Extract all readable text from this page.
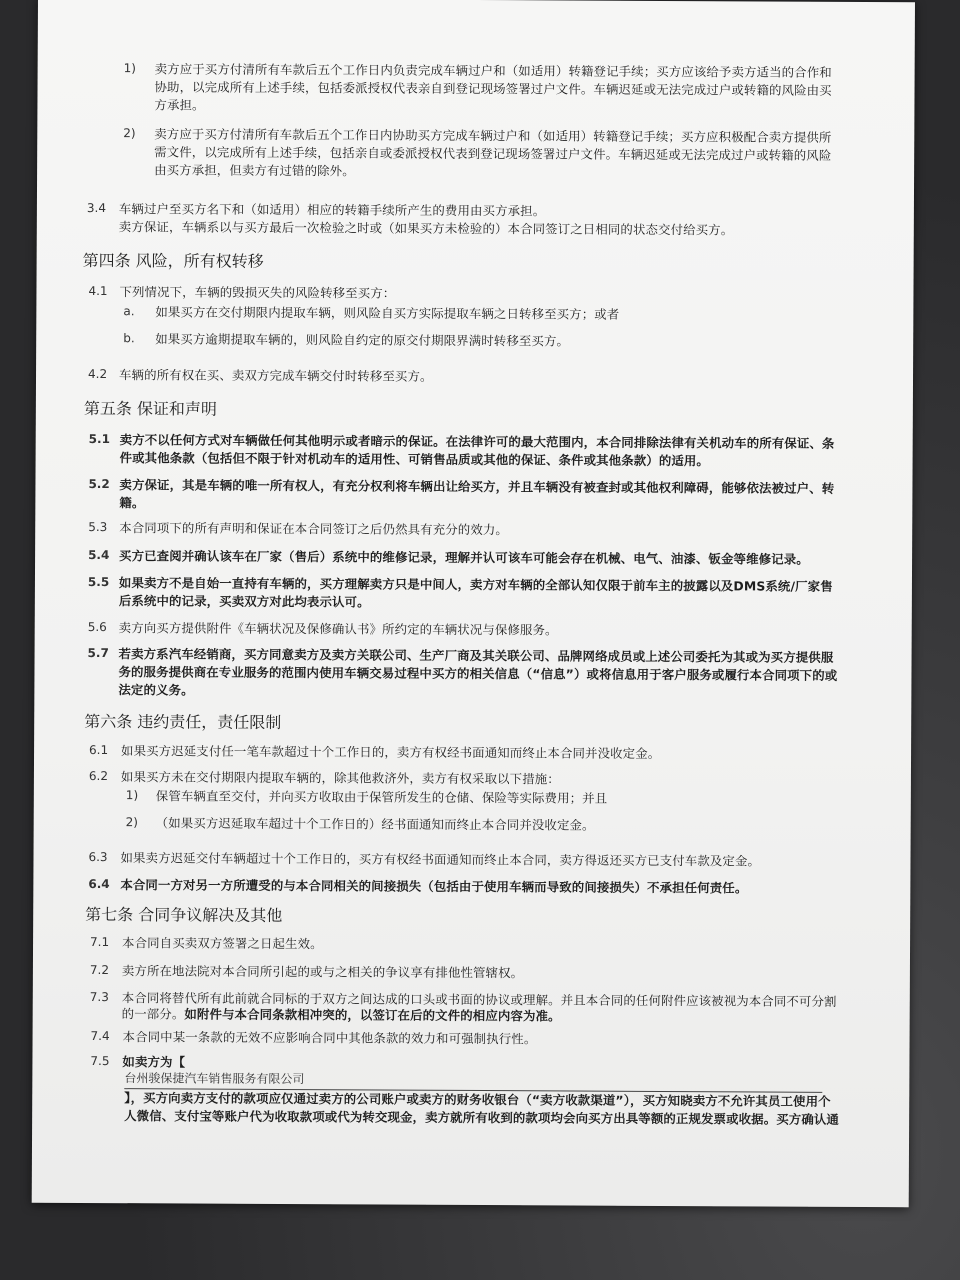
1) 卖方应于买方付清所有车款后五个工作日内负责完成车辆过户和（如适用）转籍登记手续；买方应该给予卖方适当的合作和
协助，以完成所有上述手续，包括委派授权代表亲自到登记现场签署过户文件。车辆迟延或无法完成过户或转籍的风险由买
方承担。
2) 卖方应于买方付清所有车款后五个工作日内协助买方完成车辆过户和（如适用）转籍登记手续；买方应积极配合卖方提供所
需文件，以完成所有上述手续，包括亲自或委派授权代表到登记现场签署过户文件。车辆迟延或无法完成过户或转籍的风险
由买方承担，但卖方有过错的除外。
3.4 车辆过户至买方名下和（如适用）相应的转籍手续所产生的费用由买方承担。
卖方保证，车辆系以与买方最后一次检验之时或（如果买方未检验的）本合同签订之日相同的状态交付给买方。
第四条 风险，所有权转移
4.1 下列情况下，车辆的毁损灭失的风险转移至买方：
a. 如果买方在交付期限内提取车辆，则风险自买方实际提取车辆之日转移至买方；或者
b. 如果买方逾期提取车辆的，则风险自约定的原交付期限界满时转移至买方。
4.2 车辆的所有权在买、卖双方完成车辆交付时转移至买方。
第五条 保证和声明
5.1 卖方不以任何方式对车辆做任何其他明示或者暗示的保证。在法律许可的最大范围内，本合同排除法律有关机动车的所有保证、条
件或其他条款（包括但不限于针对机动车的适用性、可销售品质或其他的保证、条件或其他条款）的适用。
5.2 卖方保证，其是车辆的唯一所有权人，有充分权利将车辆出让给买方，并且车辆没有被查封或其他权利障碍，能够依法被过户、转
籍。
5.3 本合同项下的所有声明和保证在本合同签订之后仍然具有充分的效力。
5.4 买方已查阅并确认该车在厂家（售后）系统中的维修记录，理解并认可该车可能会存在机械、电气、油漆、钣金等维修记录。
5.5 如果卖方不是自始一直持有车辆的，买方理解卖方只是中间人，卖方对车辆的全部认知仅限于前车主的披露以及DMS系统/厂家售
后系统中的记录，买卖双方对此均表示认可。
5.6 卖方向买方提供附件《车辆状况及保修确认书》所约定的车辆状况与保修服务。
5.7 若卖方系汽车经销商，买方同意卖方及卖方关联公司、生产厂商及其关联公司、品牌网络成员或上述公司委托为其或为买方提供服
务的服务提供商在专业服务的范围内使用车辆交易过程中买方的相关信息（“信息”）或将信息用于客户服务或履行本合同项下的或
法定的义务。
第六条 违约责任，责任限制
6.1 如果买方迟延支付任一笔车款超过十个工作日的，卖方有权经书面通知而终止本合同并没收定金。
6.2 如果买方未在交付期限内提取车辆的，除其他救济外，卖方有权采取以下措施：
1) 保管车辆直至交付，并向买方收取由于保管所发生的仓储、保险等实际费用；并且
2) （如果买方迟延取车超过十个工作日的）经书面通知而终止本合同并没收定金。
6.3 如果卖方迟延交付车辆超过十个工作日的，买方有权经书面通知而终止本合同，卖方得返还买方已支付车款及定金。
6.4 本合同一方对另一方所遭受的与本合同相关的间接损失（包括由于使用车辆而导致的间接损失）不承担任何责任。
第七条 合同争议解决及其他
7.1 本合同自买卖双方签署之日起生效。
7.2 卖方所在地法院对本合同所引起的或与之相关的争议享有排他性管辖权。
7.3 本合同将替代所有此前就合同标的于双方之间达成的口头或书面的协议或理解。并且本合同的任何附件应该被视为本合同不可分割
的一部分。如附件与本合同条款相冲突的，以签订在后的文件的相应内容为准。
7.4 本合同中某一条款的无效不应影响合同中其他条款的效力和可强制执行性。
7.5 如卖方为【
台州骏保捷汽车销售服务有限公司
】，买方向卖方支付的款项应仅通过卖方的公司账户或卖方的财务收银台（“卖方收款渠道”），买方知晓卖方不允许其员工使用个
人微信、支付宝等账户代为收取款项或代为转交现金，卖方就所有收到的款项均会向买方出具等额的正规发票或收据。买方确认通
